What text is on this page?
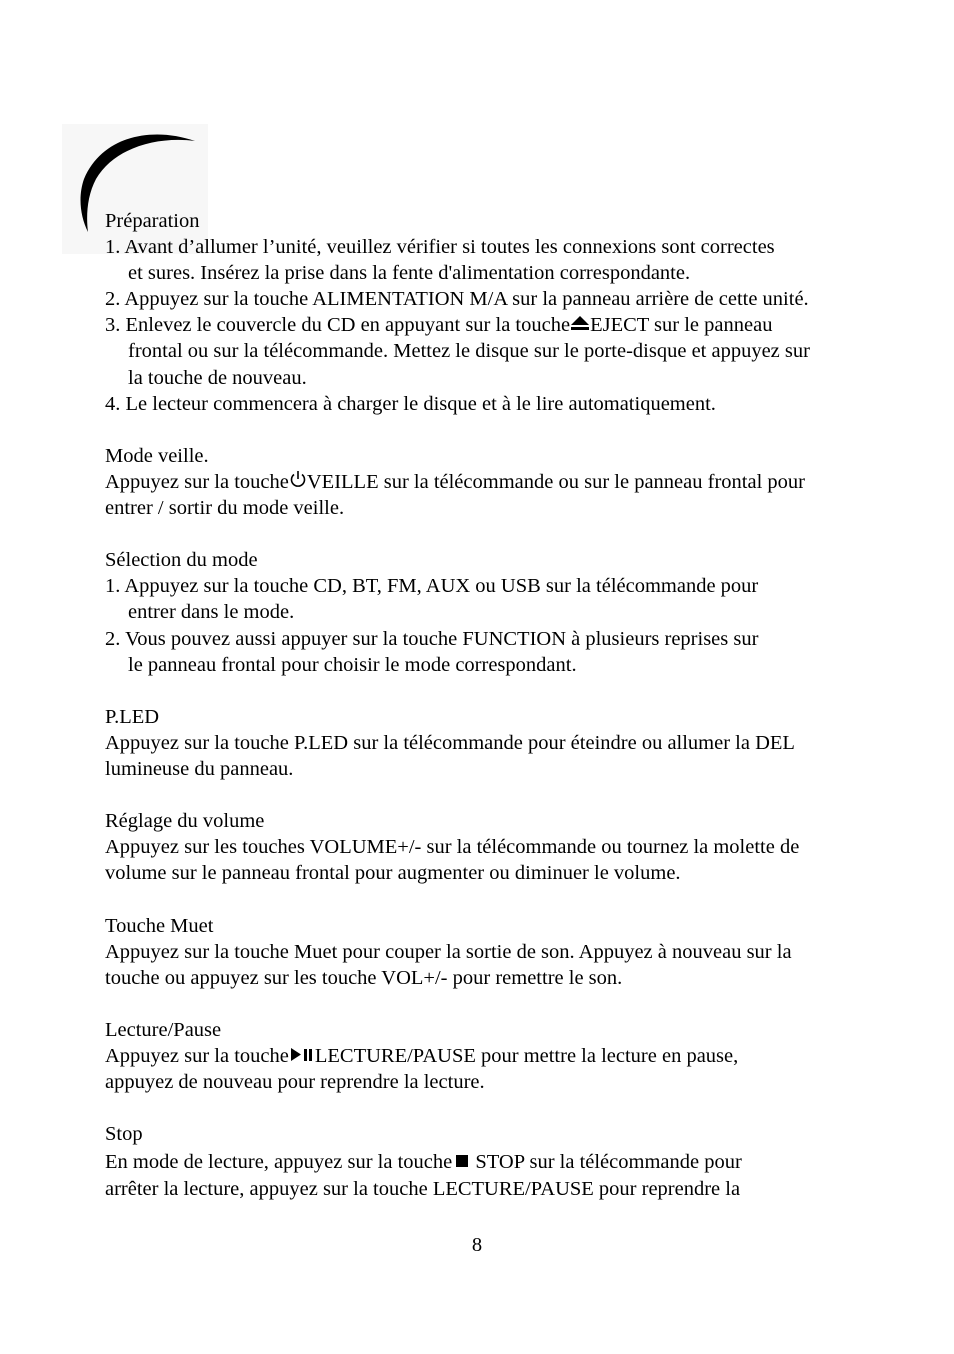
Préparation
1. Avant d’allumer l’unité, veuillez vérifier si toutes les connexions sont correctes
et sures. Insérez la prise dans la fente d'alimentation correspondante.
2. Appuyez sur la touche ALIMENTATION M/A sur la panneau arrière de cette unité.
3. Enlevez le couvercle du CD en appuyant sur la touche EJECT sur le panneau
frontal ou sur la télécommande. Mettez le disque sur le porte-disque et appuyez sur
la touche de nouveau.
4. Le lecteur commencera à charger le disque et à le lire automatiquement.
Mode veille.
Appuyez sur la touche VEILLE sur la télécommande ou sur le panneau frontal pour
entrer / sortir du mode veille.
Sélection du mode
1. Appuyez sur la touche CD, BT, FM, AUX ou USB sur la télécommande pour
entrer dans le mode.
2. Vous pouvez aussi appuyer sur la touche FUNCTION à plusieurs reprises sur
le panneau frontal pour choisir le mode correspondant.
P.LED
Appuyez sur la touche P.LED sur la télécommande pour éteindre ou allumer la DEL
lumineuse du panneau.
Réglage du volume
Appuyez sur les touches VOLUME+/- sur la télécommande ou tournez la molette de
volume sur le panneau frontal pour augmenter ou diminuer le volume.
Touche Muet
Appuyez sur la touche Muet pour couper la sortie de son. Appuyez à nouveau sur la
touche ou appuyez sur les touche VOL+/- pour remettre le son.
Lecture/Pause
Appuyez sur la touche LECTURE/PAUSE pour mettre la lecture en pause,
appuyez de nouveau pour reprendre la lecture.
Stop
En mode de lecture, appuyez sur la touche
STOP sur la télécommande pour
arrêter la lecture, appuyez sur la touche LECTURE/PAUSE pour reprendre la
8
